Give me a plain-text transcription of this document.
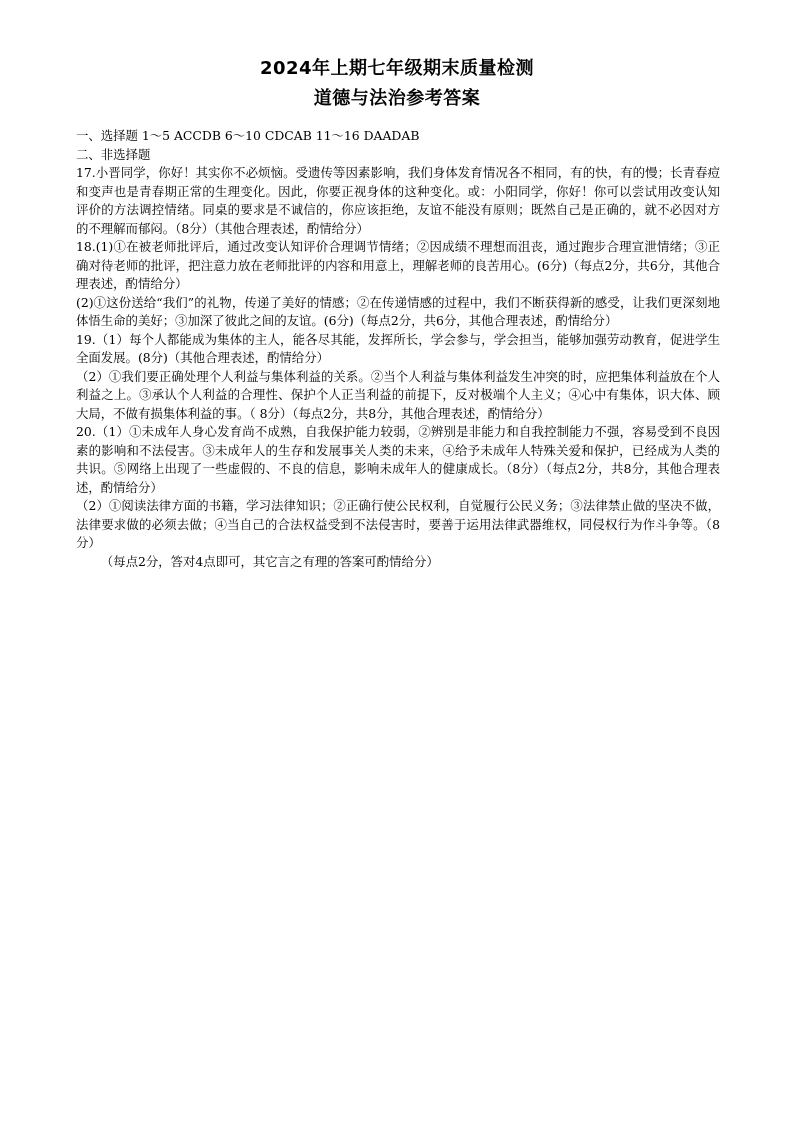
2024年上期七年级期末质量检测
道德与法治参考答案

一、选择题 1～5 ACCDB 6～10 CDCAB 11～16 DAADAB

二、非选择题

17.小晋同学，你好！其实你不必烦恼。受遗传等因素影响，我们身体发育情况各不相同，有的快，有的慢；长青春痘和变声也是青春期正常的生理变化。因此，你要正视身体的这种变化。或：小阳同学，你好！你可以尝试用改变认知评价的方法调控情绪。同桌的要求是不诚信的，你应该拒绝，友谊不能没有原则；既然自己是正确的，就不必因对方的不理解而郁闷。（8分）（其他合理表述，酌情给分）

18.(1)①在被老师批评后，通过改变认知评价合理调节情绪；②因成绩不理想而沮丧，通过跑步合理宣泄情绪；③正确对待老师的批评，把注意力放在老师批评的内容和用意上，理解老师的良苦用心。(6分)（每点2分，共6分，其他合理表述，酌情给分）

(2)①这份送给“我们”的礼物，传递了美好的情感；②在传递情感的过程中，我们不断获得新的感受，让我们更深刻地体悟生命的美好；③加深了彼此之间的友谊。(6分)（每点2分，共6分，其他合理表述，酌情给分）

19.（1）每个人都能成为集体的主人，能各尽其能，发挥所长，学会参与，学会担当，能够加强劳动教育，促进学生全面发展。(8分)（其他合理表述，酌情给分）

（2）①我们要正确处理个人利益与集体利益的关系。②当个人利益与集体利益发生冲突的时，应把集体利益放在个人利益之上。③承认个人利益的合理性、保护个人正当利益的前提下，反对极端个人主义；④心中有集体，识大体、顾大局，不做有损集体利益的事。（ 8分）（每点2分，共8分，其他合理表述，酌情给分）

20.（1）①未成年人身心发育尚不成熟，自我保护能力较弱，②辨别是非能力和自我控制能力不强，容易受到不良因素的影响和不法侵害。③未成年人的生存和发展事关人类的未来，④给予未成年人特殊关爱和保护，已经成为人类的共识。⑤网络上出现了一些虚假的、不良的信息，影响未成年人的健康成长。（8分）（每点2分，共8分，其他合理表述，酌情给分）

（2）①阅读法律方面的书籍，学习法律知识；②正确行使公民权利，自觉履行公民义务；③法律禁止做的坚决不做，法律要求做的必须去做；④当自己的合法权益受到不法侵害时，要善于运用法律武器维权，同侵权行为作斗争等。（8分）

（每点2分，答对4点即可，其它言之有理的答案可酌情给分）
